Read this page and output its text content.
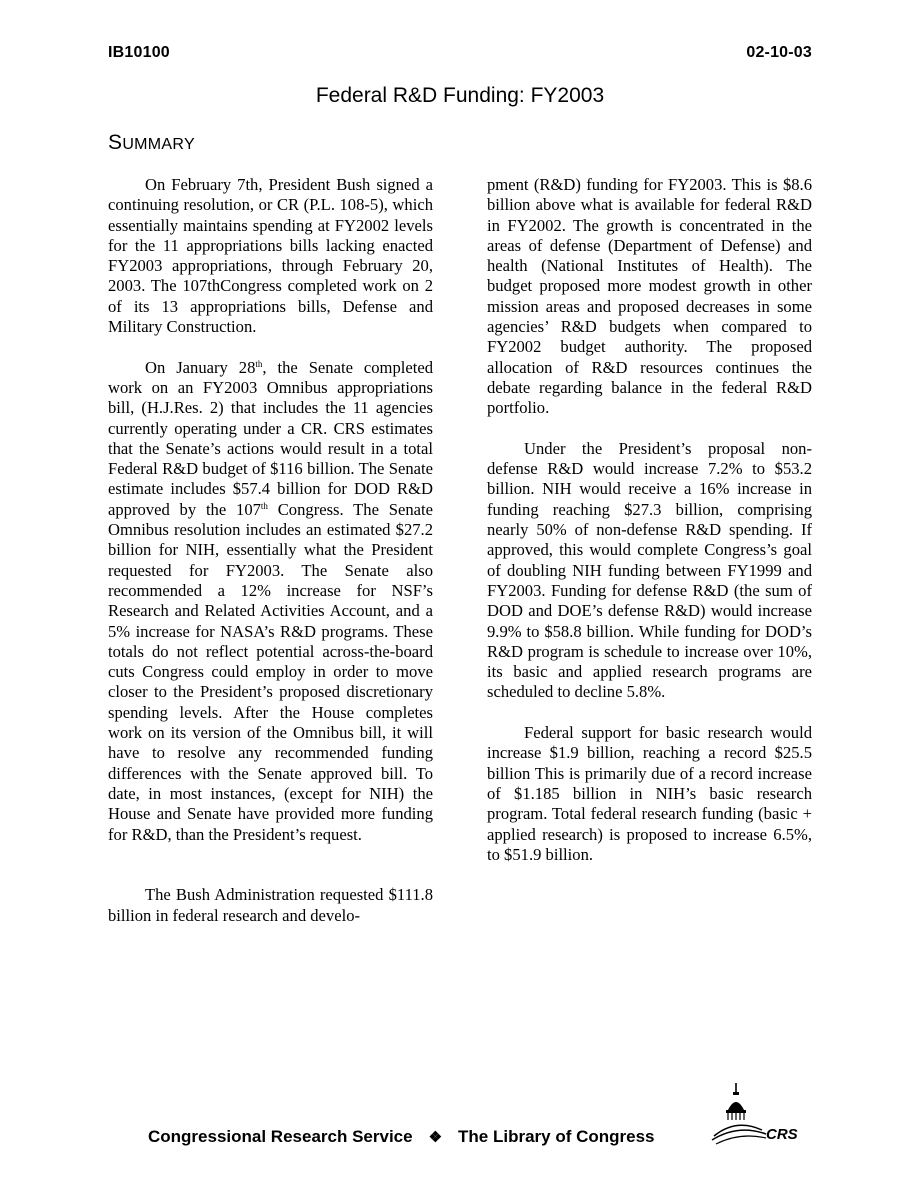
IB10100	02-10-03
Federal R&D Funding: FY2003
SUMMARY

On February 7th, President Bush signed a continuing resolution, or CR (P.L. 108-5), which essentially maintains spending at FY2002 levels for the 11 appropriations bills lacking enacted FY2003 appropriations, through February 20, 2003. The 107thCongress completed work on 2 of its 13 appropriations bills, Defense and Military Construction.

On January 28th, the Senate completed work on an FY2003 Omnibus appropriations bill, (H.J.Res. 2) that includes the 11 agencies currently operating under a CR. CRS estimates that the Senate’s actions would result in a total Federal R&D budget of $116 billion. The Senate estimate includes $57.4 billion for DOD R&D approved by the 107th Congress. The Senate Omnibus resolution includes an estimated $27.2 billion for NIH, essentially what the President requested for FY2003. The Senate also recommended a 12% increase for NSF’s Research and Related Activities Account, and a 5% increase for NASA’s R&D programs. These totals do not reflect potential across-the-board cuts Congress could employ in order to move closer to the President’s proposed discretionary spending levels. After the House completes work on its version of the Omnibus bill, it will have to resolve any recommended funding differences with the Senate approved bill. To date, in most instances, (except for NIH) the House and Senate have provided more funding for R&D, than the President’s request.

The Bush Administration requested $111.8 billion in federal research and develo-

pment (R&D) funding for FY2003. This is $8.6 billion above what is available for federal R&D in FY2002. The growth is concentrated in the areas of defense (Department of Defense) and health (National Institutes of Health). The budget proposed more modest growth in other mission areas and proposed decreases in some agencies’ R&D budgets when compared to FY2002 budget authority. The proposed allocation of R&D resources continues the debate regarding balance in the federal R&D portfolio.

Under the President’s proposal non-defense R&D would increase 7.2% to $53.2 billion. NIH would receive a 16% increase in funding reaching $27.3 billion, comprising nearly 50% of non-defense R&D spending. If approved, this would complete Congress’s goal of doubling NIH funding between FY1999 and FY2003. Funding for defense R&D (the sum of DOD and DOE’s defense R&D) would increase 9.9% to $58.8 billion. While funding for DOD’s R&D program is schedule to increase over 10%, its basic and applied research programs are scheduled to decline 5.8%.

Federal support for basic research would increase $1.9 billion, reaching a record $25.5 billion This is primarily due of a record increase of $1.185 billion in NIH’s basic research program. Total federal research funding (basic + applied research) is proposed to increase 6.5%, to $51.9 billion.

Congressional Research Service ❖ The Library of Congress	CRS
